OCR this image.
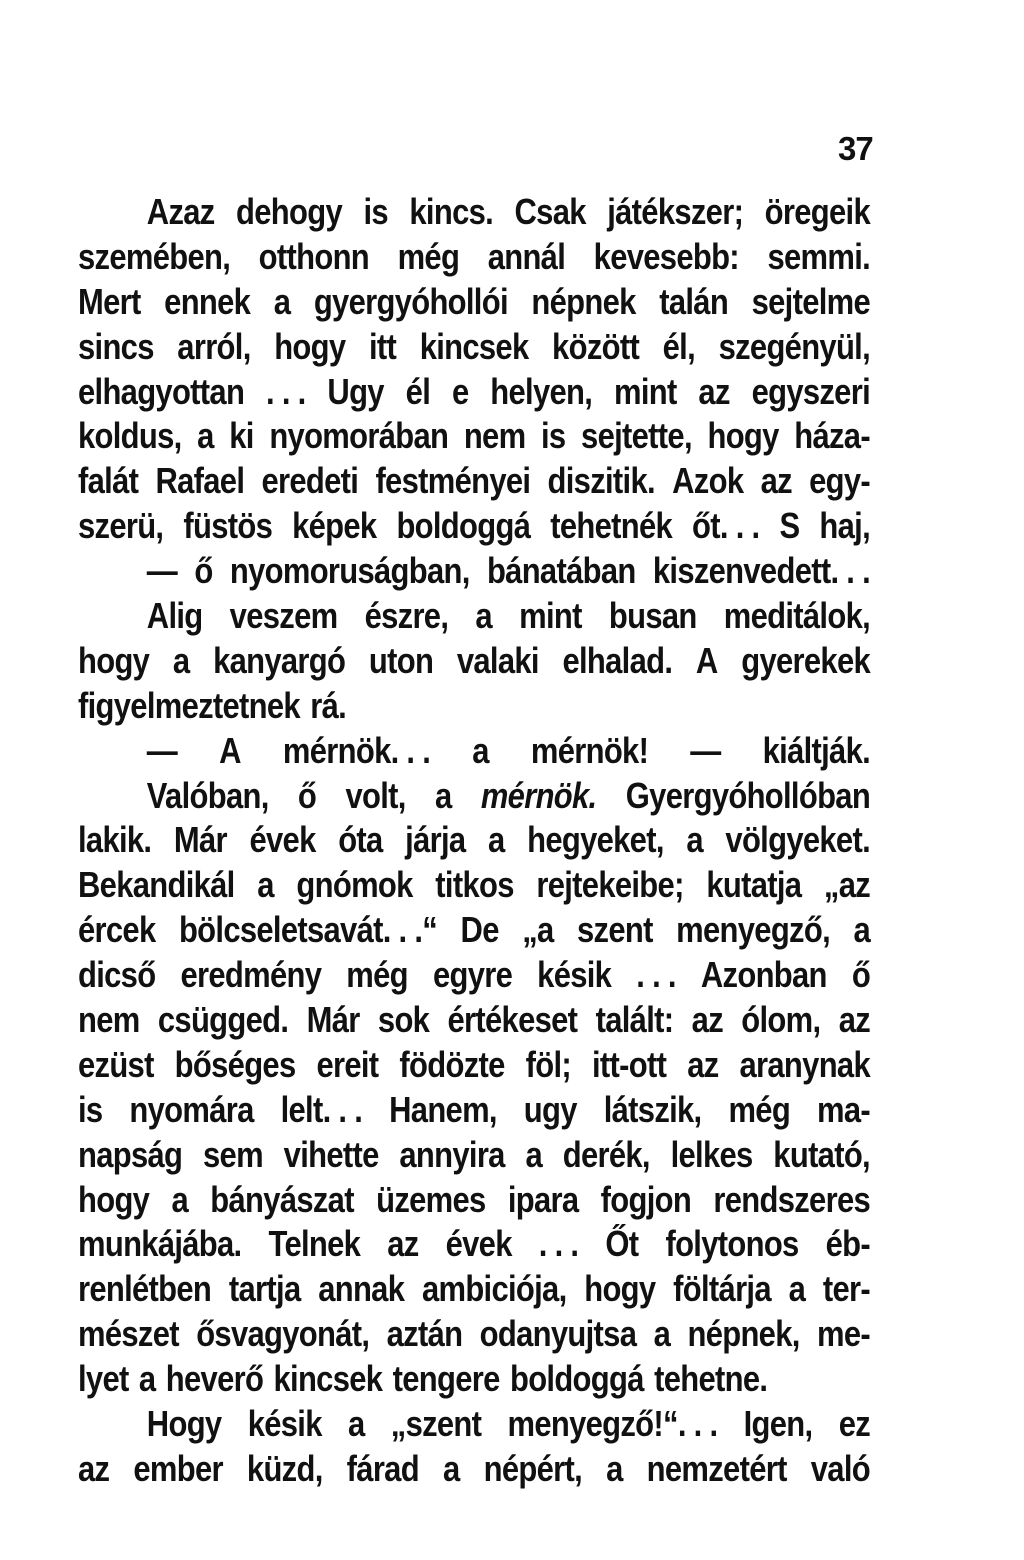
37
Azaz dehogy is kincs. Csak játékszer; öregeik
szemében, otthonn még annál kevesebb: semmi.
Mert ennek a gyergyóhollói népnek talán sejtelme
sincs arról, hogy itt kincsek között él, szegényül,
elhagyottan . . . Ugy él e helyen, mint az egyszeri
koldus, a ki nyomorában nem is sejtette, hogy háza-
falát Rafael eredeti festményei diszitik. Azok az egy-
szerü, füstös képek boldoggá tehetnék őt. . . S haj,
— ő nyomoruságban, bánatában kiszenvedett. . .
Alig veszem észre, a mint busan meditálok,
hogy a kanyargó uton valaki elhalad. A gyerekek
figyelmeztetnek rá.
— A mérnök. . . a mérnök! — kiáltják.
Valóban, ő volt, a mérnök. Gyergyóhollóban
lakik. Már évek óta járja a hegyeket, a völgyeket.
Bekandikál a gnómok titkos rejtekeibe; kutatja „az
ércek bölcseletsavát. . .“ De „a szent menyegző, a
dicső eredmény még egyre késik . . . Azonban ő
nem csügged. Már sok értékeset talált: az ólom, az
ezüst bőséges ereit födözte föl; itt-ott az aranynak
is nyomára lelt. . . Hanem, ugy látszik, még ma-
napság sem vihette annyira a derék, lelkes kutató,
hogy a bányászat üzemes ipara fogjon rendszeres
munkájába. Telnek az évek . . . Őt folytonos éb-
renlétben tartja annak ambiciója, hogy föltárja a ter-
mészet ősvagyonát, aztán odanyujtsa a népnek, me-
lyet a heverő kincsek tengere boldoggá tehetne.
Hogy késik a „szent menyegző!“. . . Igen, ez
az ember küzd, fárad a népért, a nemzetért való
